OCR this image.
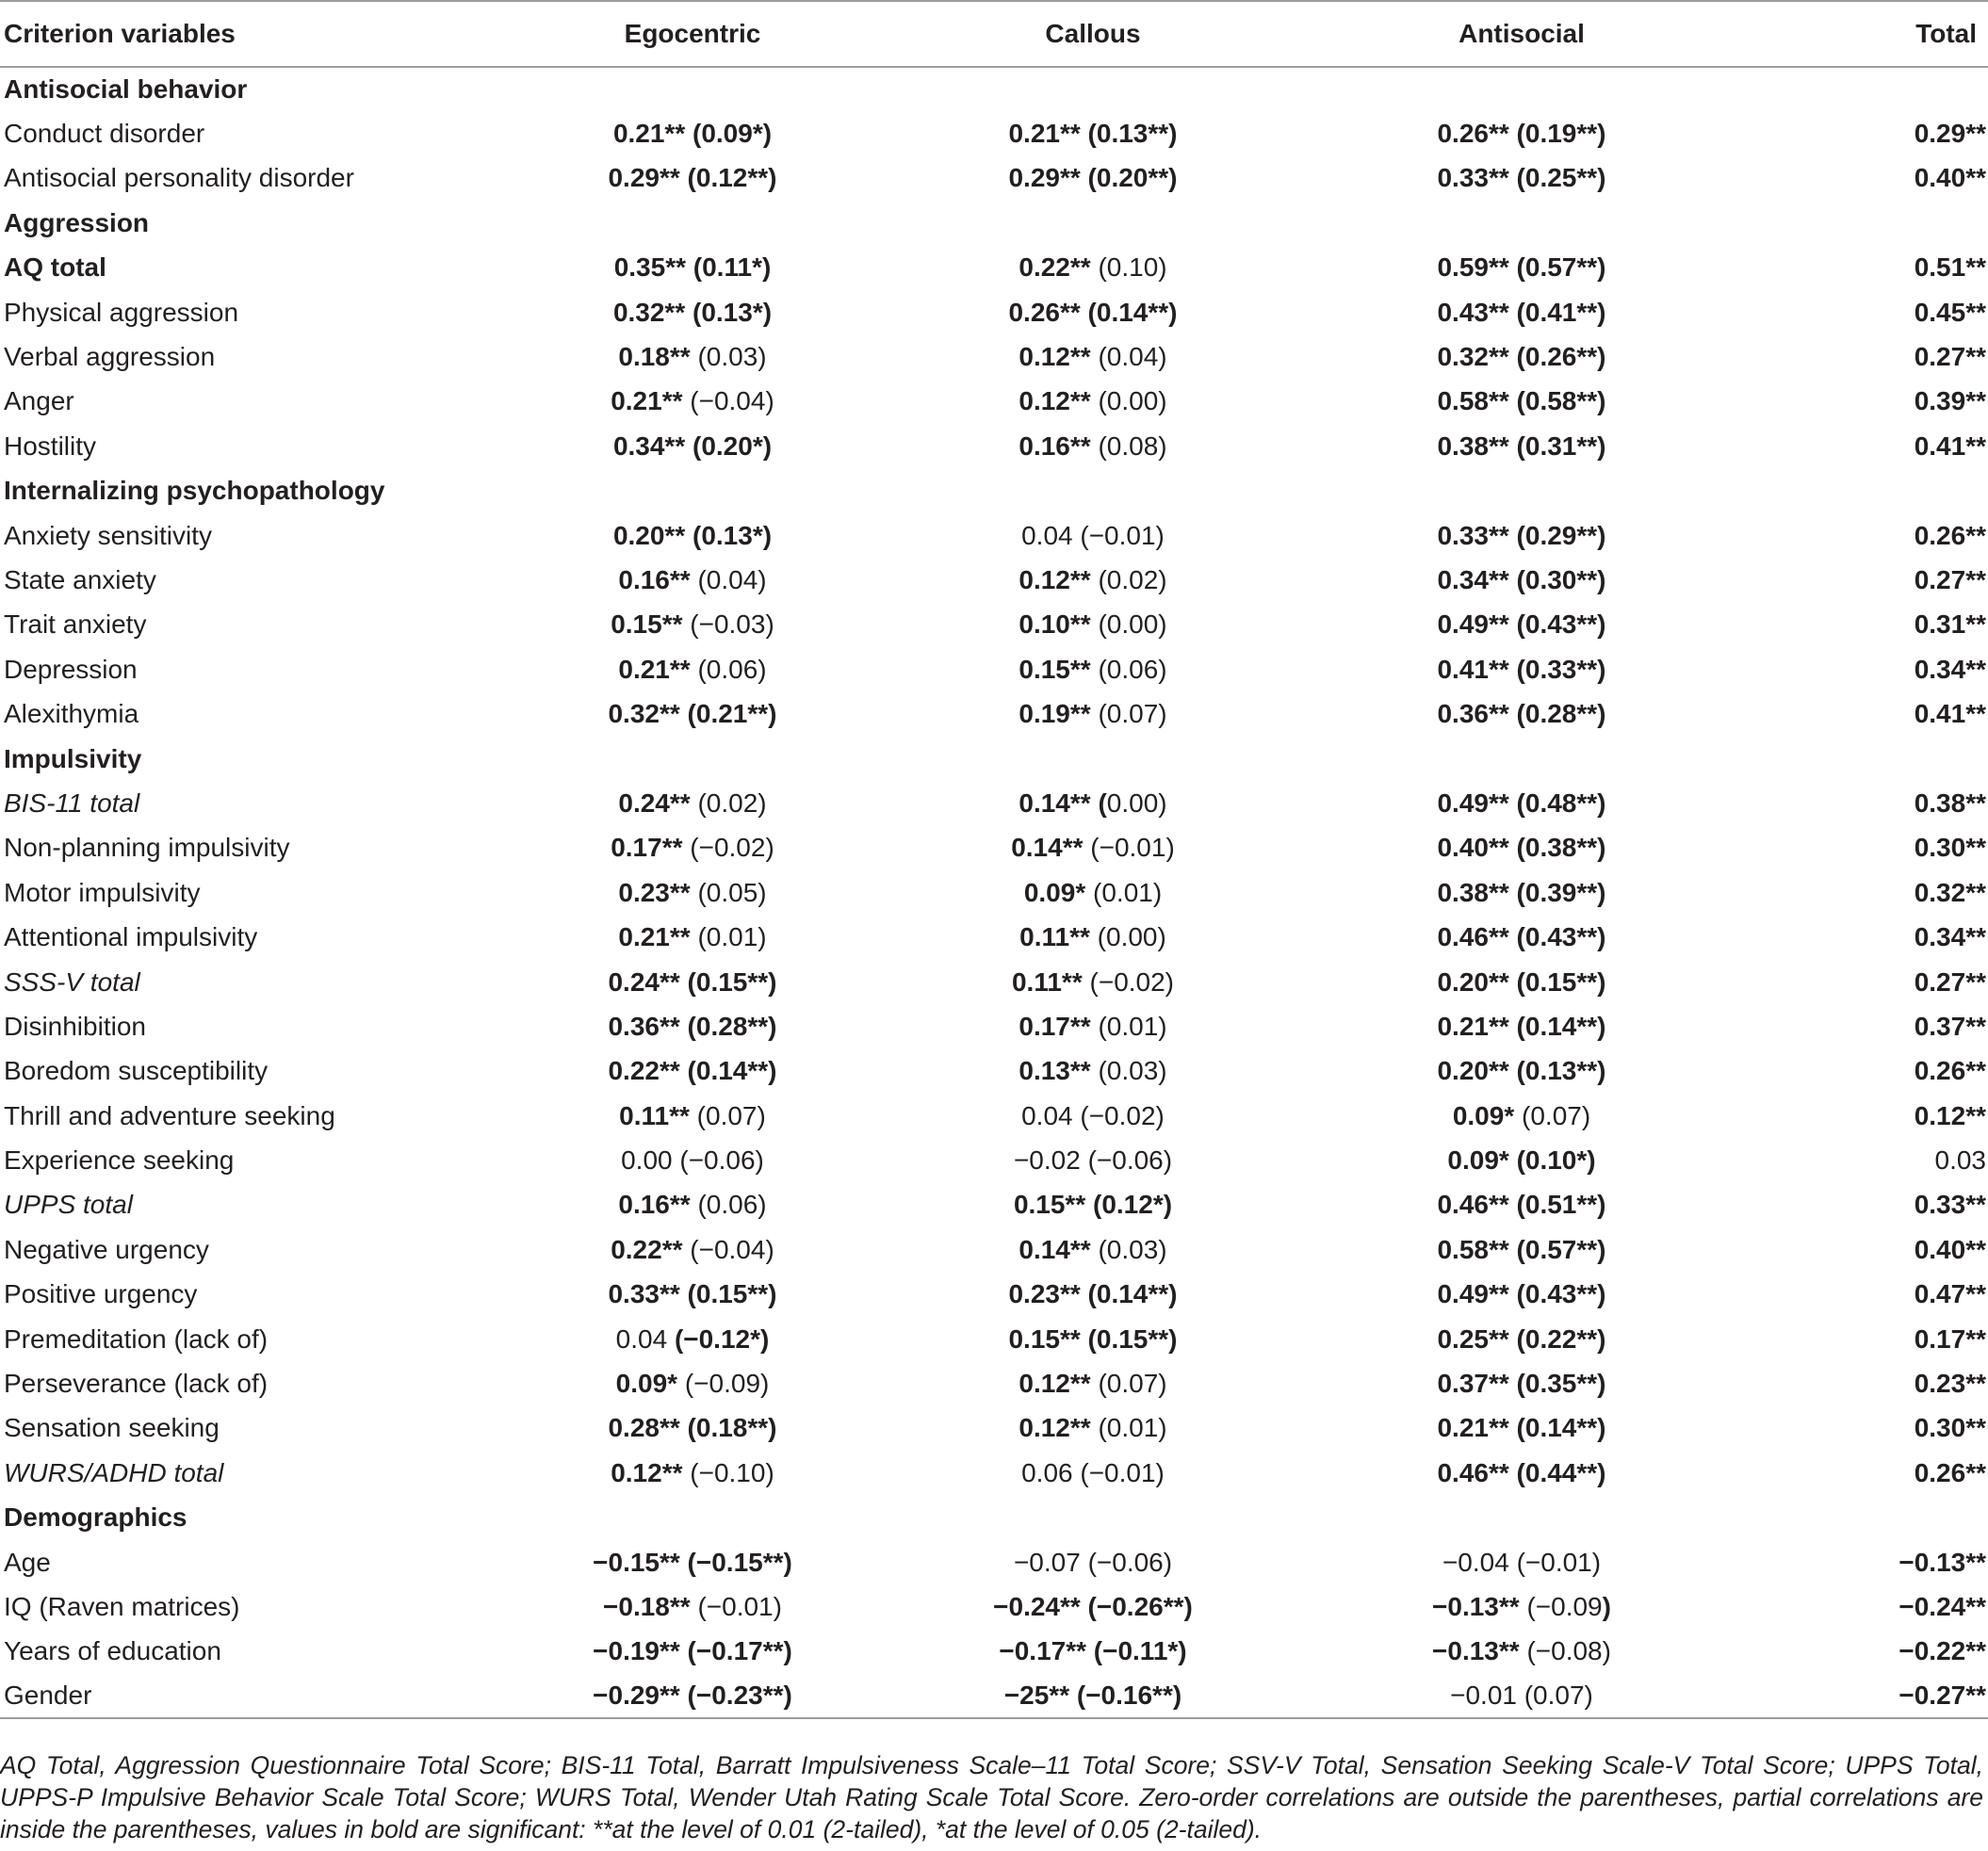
Criterion variables	Egocentric	Callous	Antisocial	Total
Antisocial behavior				
Conduct disorder	0.21** (0.09*)	0.21** (0.13**)	0.26** (0.19**)	0.29**
Antisocial personality disorder	0.29** (0.12**)	0.29** (0.20**)	0.33** (0.25**)	0.40**
Aggression				
AQ total	0.35** (0.11*)	0.22** (0.10)	0.59** (0.57**)	0.51**
Physical aggression	0.32** (0.13*)	0.26** (0.14**)	0.43** (0.41**)	0.45**
Verbal aggression	0.18** (0.03)	0.12** (0.04)	0.32** (0.26**)	0.27**
Anger	0.21** (−0.04)	0.12** (0.00)	0.58** (0.58**)	0.39**
Hostility	0.34** (0.20*)	0.16** (0.08)	0.38** (0.31**)	0.41**
Internalizing psychopathology				
Anxiety sensitivity	0.20** (0.13*)	0.04 (−0.01)	0.33** (0.29**)	0.26**
State anxiety	0.16** (0.04)	0.12** (0.02)	0.34** (0.30**)	0.27**
Trait anxiety	0.15** (−0.03)	0.10** (0.00)	0.49** (0.43**)	0.31**
Depression	0.21** (0.06)	0.15** (0.06)	0.41** (0.33**)	0.34**
Alexithymia	0.32** (0.21**)	0.19** (0.07)	0.36** (0.28**)	0.41**
Impulsivity				
BIS-11 total	0.24** (0.02)	0.14** (0.00)	0.49** (0.48**)	0.38**
Non-planning impulsivity	0.17** (−0.02)	0.14** (−0.01)	0.40** (0.38**)	0.30**
Motor impulsivity	0.23** (0.05)	0.09* (0.01)	0.38** (0.39**)	0.32**
Attentional impulsivity	0.21** (0.01)	0.11** (0.00)	0.46** (0.43**)	0.34**
SSS-V total	0.24** (0.15**)	0.11** (−0.02)	0.20** (0.15**)	0.27**
Disinhibition	0.36** (0.28**)	0.17** (0.01)	0.21** (0.14**)	0.37**
Boredom susceptibility	0.22** (0.14**)	0.13** (0.03)	0.20** (0.13**)	0.26**
Thrill and adventure seeking	0.11** (0.07)	0.04 (−0.02)	0.09* (0.07)	0.12**
Experience seeking	0.00 (−0.06)	−0.02 (−0.06)	0.09* (0.10*)	0.03
UPPS total	0.16** (0.06)	0.15** (0.12*)	0.46** (0.51**)	0.33**
Negative urgency	0.22** (−0.04)	0.14** (0.03)	0.58** (0.57**)	0.40**
Positive urgency	0.33** (0.15**)	0.23** (0.14**)	0.49** (0.43**)	0.47**
Premeditation (lack of)	0.04 (−0.12*)	0.15** (0.15**)	0.25** (0.22**)	0.17**
Perseverance (lack of)	0.09* (−0.09)	0.12** (0.07)	0.37** (0.35**)	0.23**
Sensation seeking	0.28** (0.18**)	0.12** (0.01)	0.21** (0.14**)	0.30**
WURS/ADHD total	0.12** (−0.10)	0.06 (−0.01)	0.46** (0.44**)	0.26**
Demographics				
Age	−0.15** (−0.15**)	−0.07 (−0.06)	−0.04 (−0.01)	−0.13**
IQ (Raven matrices)	−0.18** (−0.01)	−0.24** (−0.26**)	−0.13** (−0.09)	−0.24**
Years of education	−0.19** (−0.17**)	−0.17** (−0.11*)	−0.13** (−0.08)	−0.22**
Gender	−0.29** (−0.23**)	−25** (−0.16**)	−0.01 (0.07)	−0.27**
AQ Total, Aggression Questionnaire Total Score; BIS-11 Total, Barratt Impulsiveness Scale–11 Total Score; SSV-V Total, Sensation Seeking Scale-V Total Score; UPPS Total, UPPS-P Impulsive Behavior Scale Total Score; WURS Total, Wender Utah Rating Scale Total Score. Zero-order correlations are outside the parentheses, partial correlations are inside the parentheses, values in bold are significant: **at the level of 0.01 (2-tailed), *at the level of 0.05 (2-tailed).
